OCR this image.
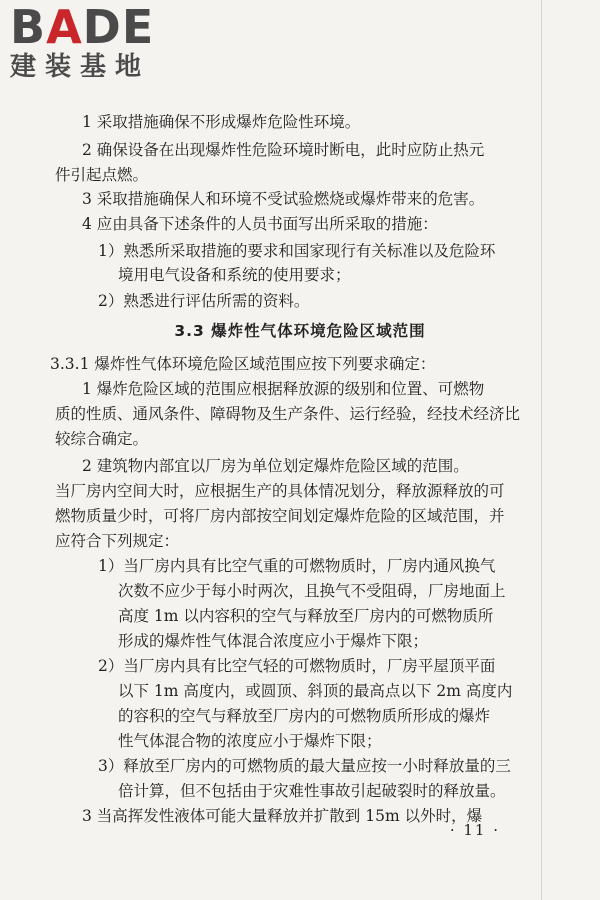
BADE
建装基地
1 采取措施确保不形成爆炸危险性环境。
2 确保设备在出现爆炸性危险环境时断电，此时应防止热元
件引起点燃。
3 采取措施确保人和环境不受试验燃烧或爆炸带来的危害。
4 应由具备下述条件的人员书面写出所采取的措施：
1）熟悉所采取措施的要求和国家现行有关标准以及危险环
境用电气设备和系统的使用要求；
2）熟悉进行评估所需的资料。
3.3 爆炸性气体环境危险区域范围
3.3.1 爆炸性气体环境危险区域范围应按下列要求确定：
1 爆炸危险区域的范围应根据释放源的级别和位置、可燃物
质的性质、通风条件、障碍物及生产条件、运行经验，经技术经济比
较综合确定。
2 建筑物内部宜以厂房为单位划定爆炸危险区域的范围。
当厂房内空间大时，应根据生产的具体情况划分，释放源释放的可
燃物质量少时，可将厂房内部按空间划定爆炸危险的区域范围，并
应符合下列规定：
1）当厂房内具有比空气重的可燃物质时，厂房内通风换气
次数不应少于每小时两次，且换气不受阻碍，厂房地面上
高度 1m 以内容积的空气与释放至厂房内的可燃物质所
形成的爆炸性气体混合浓度应小于爆炸下限；
2）当厂房内具有比空气轻的可燃物质时，厂房平屋顶平面
以下 1m 高度内，或圆顶、斜顶的最高点以下 2m 高度内
的容积的空气与释放至厂房内的可燃物质所形成的爆炸
性气体混合物的浓度应小于爆炸下限；
3）释放至厂房内的可燃物质的最大量应按一小时释放量的三
倍计算，但不包括由于灾难性事故引起破裂时的释放量。
3 当高挥发性液体可能大量释放并扩散到 15m 以外时，爆
· 11 ·
